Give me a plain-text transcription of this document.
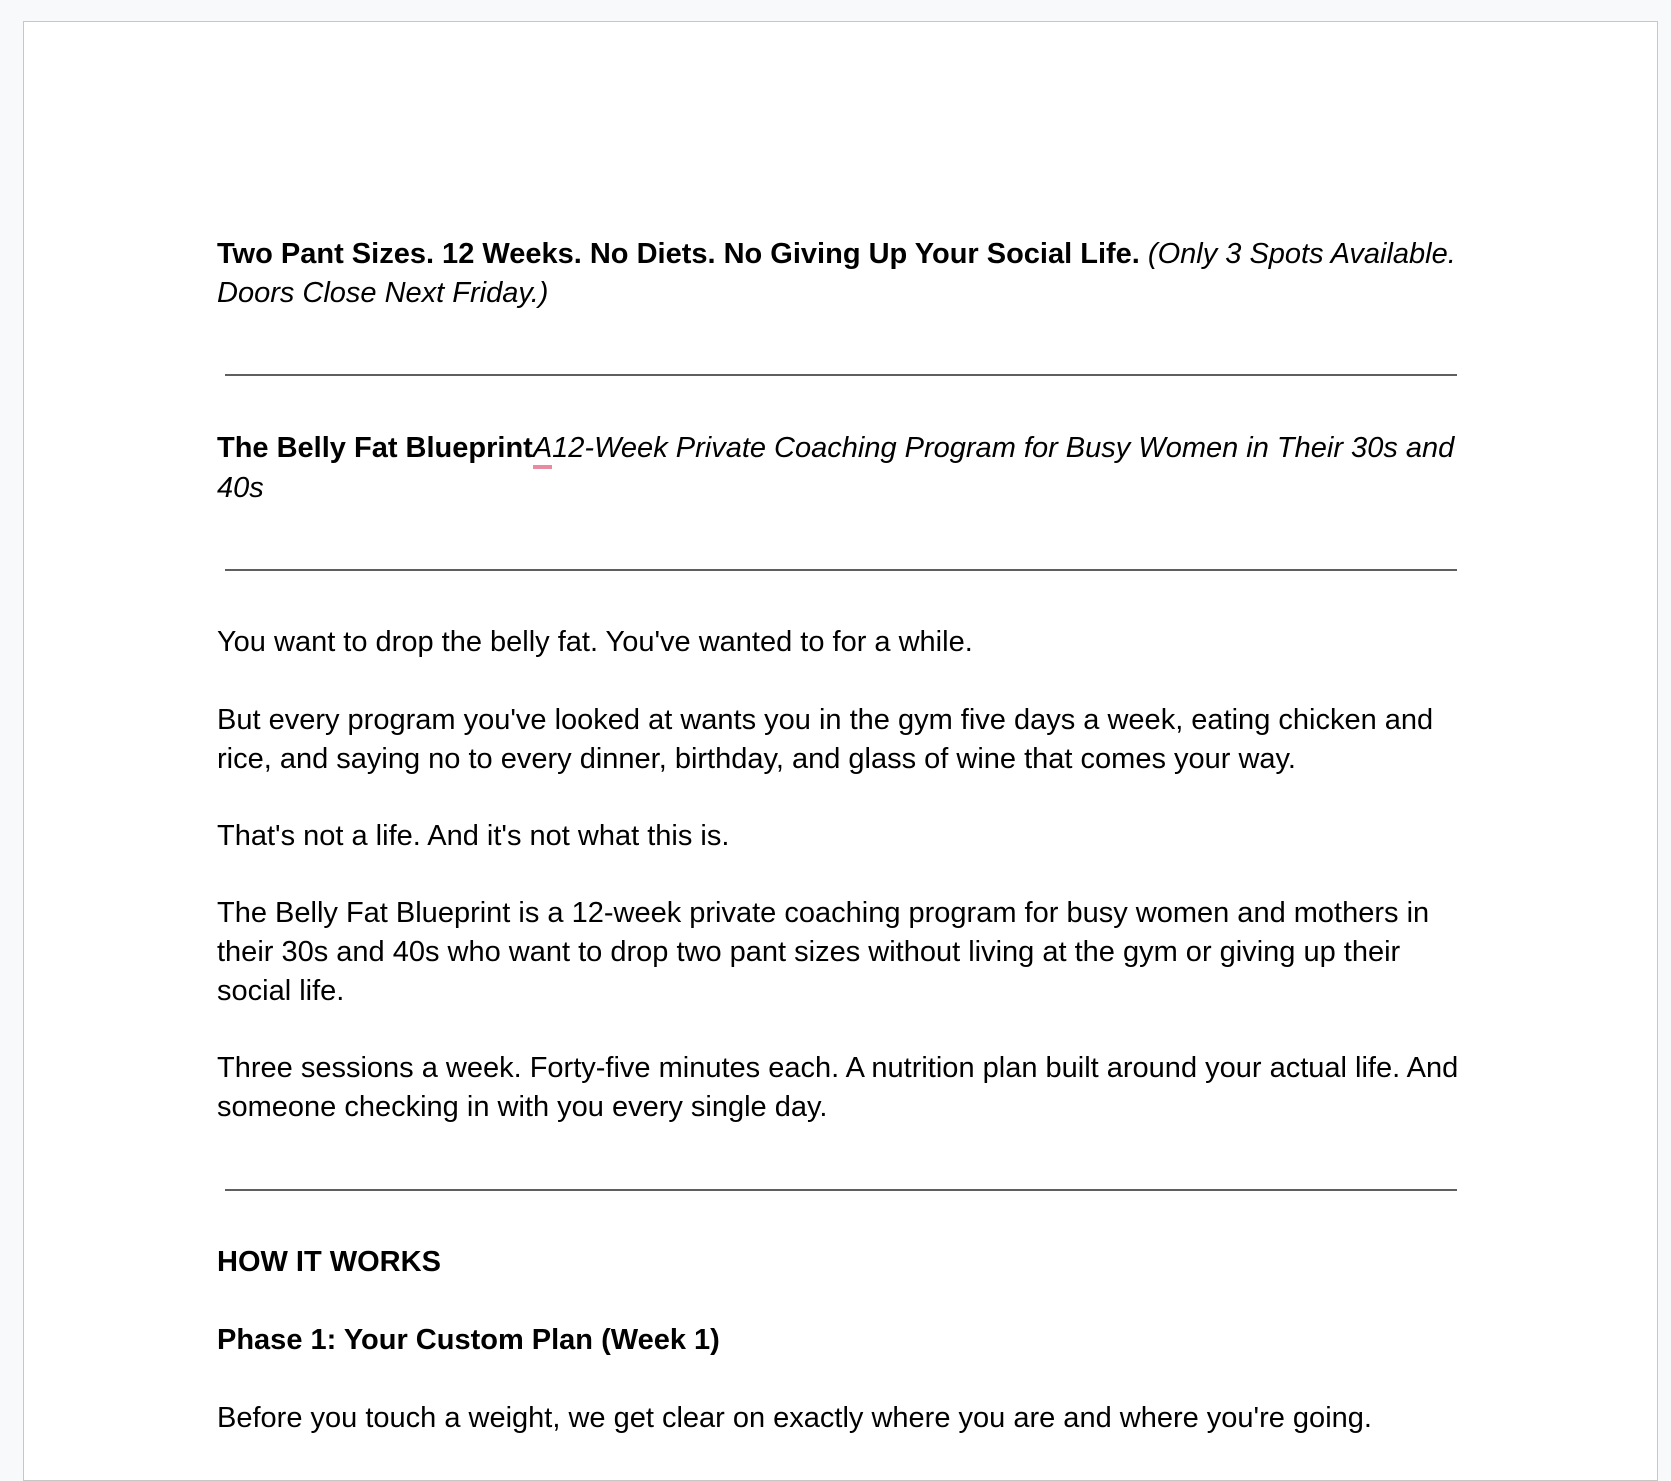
Two Pant Sizes. 12 Weeks. No Diets. No Giving Up Your Social Life. (Only 3 Spots Available. Doors Close Next Friday.)

The Belly Fat BlueprintA12-Week Private Coaching Program for Busy Women in Their 30s and 40s

You want to drop the belly fat. You've wanted to for a while.

But every program you've looked at wants you in the gym five days a week, eating chicken and rice, and saying no to every dinner, birthday, and glass of wine that comes your way.

That's not a life. And it's not what this is.

The Belly Fat Blueprint is a 12-week private coaching program for busy women and mothers in their 30s and 40s who want to drop two pant sizes without living at the gym or giving up their social life.

Three sessions a week. Forty-five minutes each. A nutrition plan built around your actual life. And someone checking in with you every single day.

HOW IT WORKS

Phase 1: Your Custom Plan (Week 1)

Before you touch a weight, we get clear on exactly where you are and where you're going.
